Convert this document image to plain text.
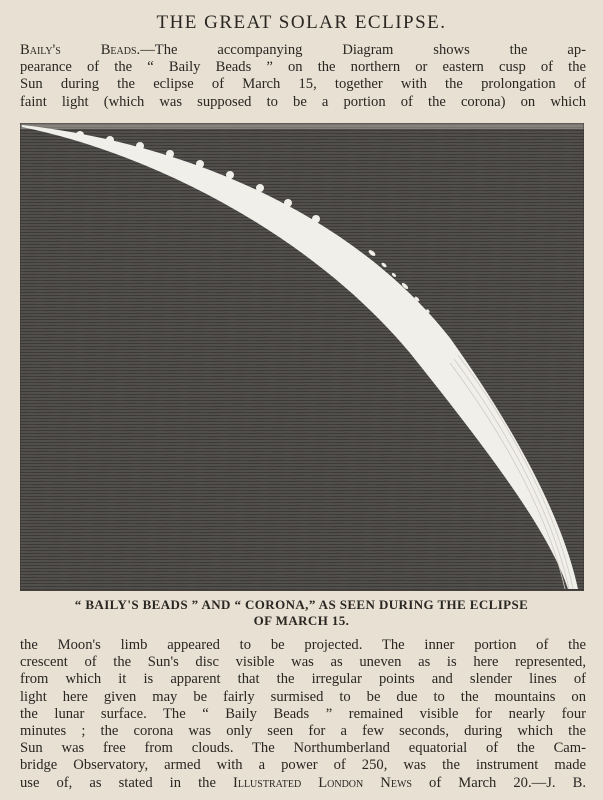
THE GREAT SOLAR ECLIPSE.
Baily's Beads.—The accompanying Diagram shows the ap-
pearance of the “ Baily Beads ” on the northern or eastern cusp of the
Sun during the eclipse of March 15, together with the prolongation of
faint light (which was supposed to be a portion of the corona) on which
“ BAILY'S BEADS ” AND “ CORONA,” AS SEEN DURING THE ECLIPSE
OF MARCH 15.
the Moon's limb appeared to be projected. The inner portion of the
crescent of the Sun's disc visible was as uneven as is here represented,
from which it is apparent that the irregular points and slender lines of
light here given may be fairly surmised to be due to the mountains on
the lunar surface. The “ Baily Beads ” remained visible for nearly four
minutes ; the corona was only seen for a few seconds, during which the
Sun was free from clouds. The Northumberland equatorial of the Cam-
bridge Observatory, armed with a power of 250, was the instrument made
use of, as stated in the Illustrated London News of March 20.—J. B.
